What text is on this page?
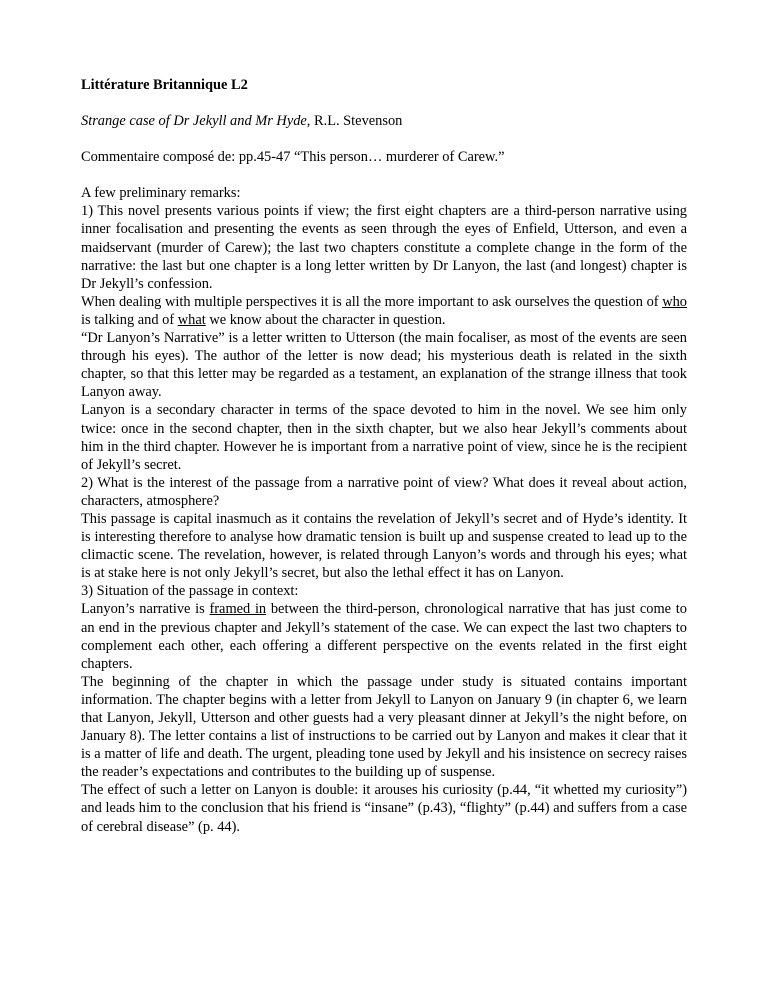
Littérature Britannique L2

Strange case of Dr Jekyll and Mr Hyde, R.L. Stevenson

Commentaire composé de: pp.45-47 “This person… murderer of Carew.”

A few preliminary remarks:

1) This novel presents various points if view; the first eight chapters are a third-person narrative using inner focalisation and presenting the events as seen through the eyes of Enfield, Utterson, and even a maidservant (murder of Carew); the last two chapters constitute a complete change in the form of the narrative: the last but one chapter is a long letter written by Dr Lanyon, the last (and longest) chapter is Dr Jekyll’s confession.

When dealing with multiple perspectives it is all the more important to ask ourselves the question of who is talking and of what we know about the character in question.

“Dr Lanyon’s Narrative” is a letter written to Utterson (the main focaliser, as most of the events are seen through his eyes). The author of the letter is now dead; his mysterious death is related in the sixth chapter, so that this letter may be regarded as a testament, an explanation of the strange illness that took Lanyon away.

Lanyon is a secondary character in terms of the space devoted to him in the novel. We see him only twice: once in the second chapter, then in the sixth chapter, but we also hear Jekyll’s comments about him in the third chapter. However he is important from a narrative point of view, since he is the recipient of Jekyll’s secret.

2) What is the interest of the passage from a narrative point of view? What does it reveal about action, characters, atmosphere?

This passage is capital inasmuch as it contains the revelation of Jekyll’s secret and of Hyde’s identity. It is interesting therefore to analyse how dramatic tension is built up and suspense created to lead up to the climactic scene. The revelation, however, is related through Lanyon’s words and through his eyes; what is at stake here is not only Jekyll’s secret, but also the lethal effect it has on Lanyon.

3) Situation of the passage in context:

Lanyon’s narrative is framed in between the third-person, chronological narrative that has just come to an end in the previous chapter and Jekyll’s statement of the case. We can expect the last two chapters to complement each other, each offering a different perspective on the events related in the first eight chapters.

The beginning of the chapter in which the passage under study is situated contains important information. The chapter begins with a letter from Jekyll to Lanyon on January 9 (in chapter 6, we learn that Lanyon, Jekyll, Utterson and other guests had a very pleasant dinner at Jekyll’s the night before, on January 8). The letter contains a list of instructions to be carried out by Lanyon and makes it clear that it is a matter of life and death. The urgent, pleading tone used by Jekyll and his insistence on secrecy raises the reader’s expectations and contributes to the building up of suspense.

The effect of such a letter on Lanyon is double: it arouses his curiosity (p.44, “it whetted my curiosity”) and leads him to the conclusion that his friend is “insane” (p.43), “flighty” (p.44) and suffers from a case of cerebral disease” (p. 44).
